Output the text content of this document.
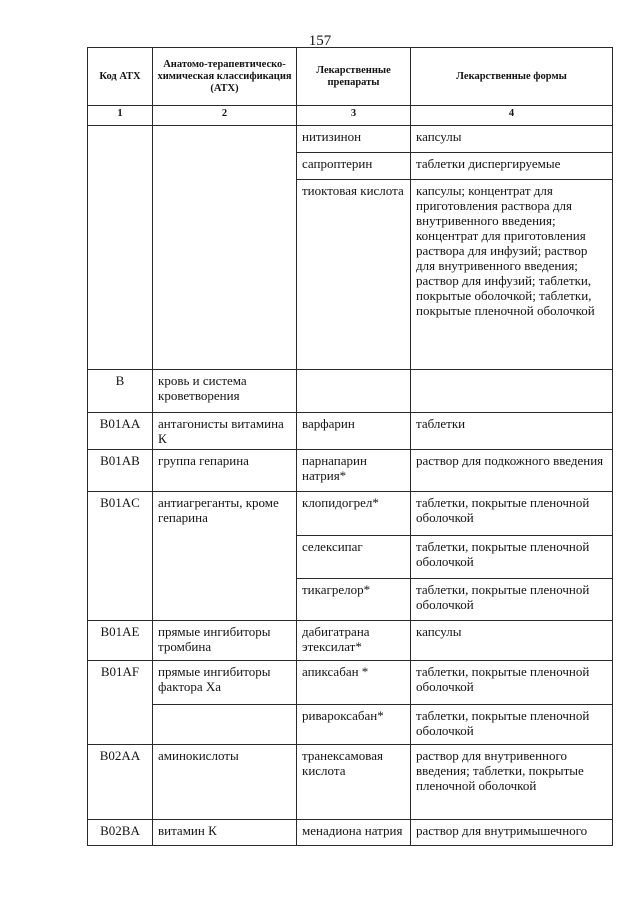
157
Код АТХ	Анатомо-терапевтическо-химическая классификация (АТХ)	Лекарственные препараты	Лекарственные формы
1	2	3	4
		нитизинон	капсулы

		сапроптерин	таблетки диспергируемые

		тиоктовая кислота	капсулы; концентрат для приготовления раствора для внутривенного введения; концентрат для приготовления раствора для инфузий; раствор для внутривенного введения; раствор для инфузий; таблетки, покрытые оболочкой; таблетки, покрытые пленочной оболочкой
B	кровь и система кроветворения		
B01AA	антагонисты витамина К	варфарин	таблетки

B01AB	группа гепарина	парнапарин натрия*	раствор для подкожного введения

B01AC	антиагреганты, кроме гепарина	клопидогрел*	таблетки, покрытые пленочной оболочкой

		селексипаг	таблетки, покрытые пленочной оболочкой

		тикагрелор*	таблетки, покрытые пленочной оболочкой

B01AE	прямые ингибиторы тромбина	дабигатрана этексилат*	капсулы

B01AF	прямые ингибиторы фактора Ха	апиксабан *	таблетки, покрытые пленочной оболочкой

		ривароксабан*	таблетки, покрытые пленочной оболочкой

B02AA	аминокислоты	транексамовая кислота	раствор для внутривенного введения; таблетки, покрытые пленочной оболочкой
B02BA	витамин К	менадиона натрия	раствор для внутримышечного
